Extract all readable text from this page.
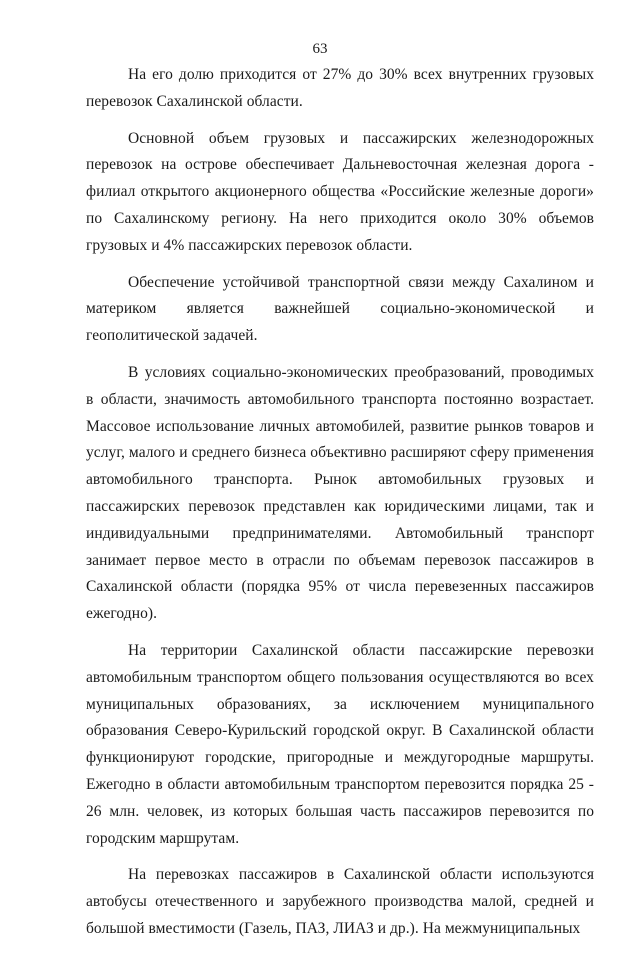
63

На его долю приходится от 27% до 30% всех внутренних грузовых перевозок Сахалинской области.

Основной объем грузовых и пассажирских железнодорожных перевозок на острове обеспечивает Дальневосточная железная дорога - филиал открытого акционерного общества «Российские железные дороги» по Сахалинскому региону. На него приходится около 30% объемов грузовых и 4% пассажирских перевозок области.

Обеспечение устойчивой транспортной связи между Сахалином и материком является важнейшей социально-экономической и геополитической задачей.

В условиях социально-экономических преобразований, проводимых в области, значимость автомобильного транспорта постоянно возрастает. Массовое использование личных автомобилей, развитие рынков товаров и услуг, малого и среднего бизнеса объективно расширяют сферу применения автомобильного транспорта. Рынок автомобильных грузовых и пассажирских перевозок представлен как юридическими лицами, так и индивидуальными предпринимателями. Автомобильный транспорт занимает первое место в отрасли по объемам перевозок пассажиров в Сахалинской области (порядка 95% от числа перевезенных пассажиров ежегодно).

На территории Сахалинской области пассажирские перевозки автомобильным транспортом общего пользования осуществляются во всех муниципальных образованиях, за исключением муниципального образования Северо-Курильский городской округ. В Сахалинской области функционируют городские, пригородные и междугородные маршруты. Ежегодно в области автомобильным транспортом перевозится порядка 25 - 26 млн. человек, из которых большая часть пассажиров перевозится по городским маршрутам.

На перевозках пассажиров в Сахалинской области используются автобусы отечественного и зарубежного производства малой, средней и большой вместимости (Газель, ПАЗ, ЛИАЗ и др.). На межмуниципальных
